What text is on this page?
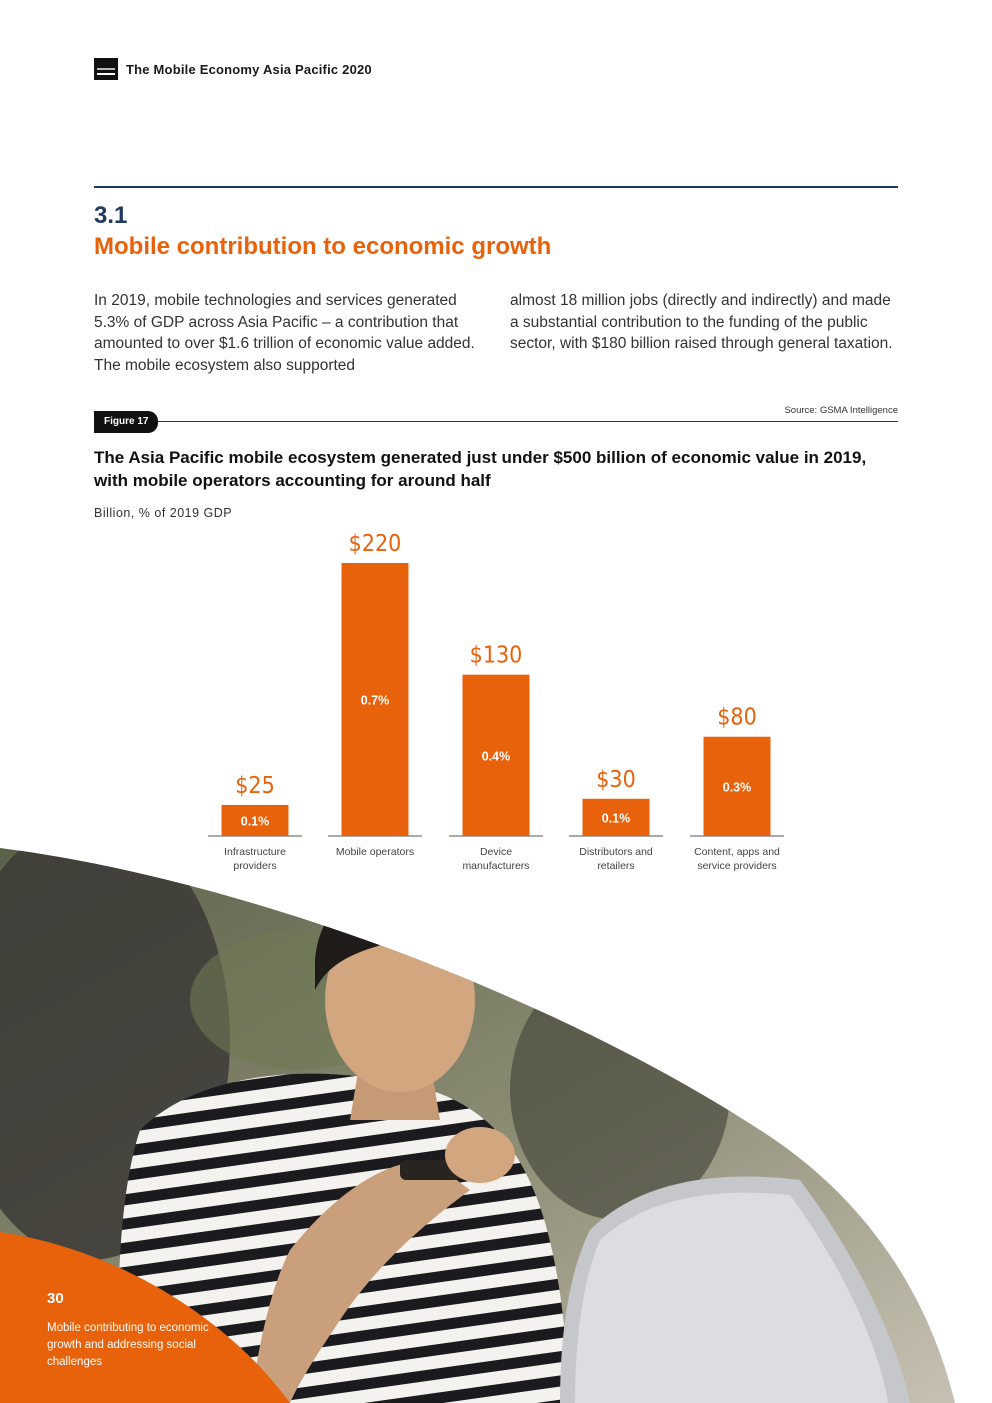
The Mobile Economy Asia Pacific 2020
3.1
Mobile contribution to economic growth
In 2019, mobile technologies and services generated 5.3% of GDP across Asia Pacific – a contribution that amounted to over $1.6 trillion of economic value added. The mobile ecosystem also supported
almost 18 million jobs (directly and indirectly) and made a substantial contribution to the funding of the public sector, with $180 billion raised through general taxation.
Figure 17
Source: GSMA Intelligence
The Asia Pacific mobile ecosystem generated just under $500 billion of economic value in 2019, with mobile operators accounting for around half
Billion, % of 2019 GDP
$25
0.1%
Infrastructure
providers
$220
0.7%
Mobile operators
$130
0.4%
Device
manufacturers
$30
0.1%
Distributors and
retailers
$80
0.3%
Content, apps and
service providers
30
Mobile contributing to economic growth and addressing social challenges
